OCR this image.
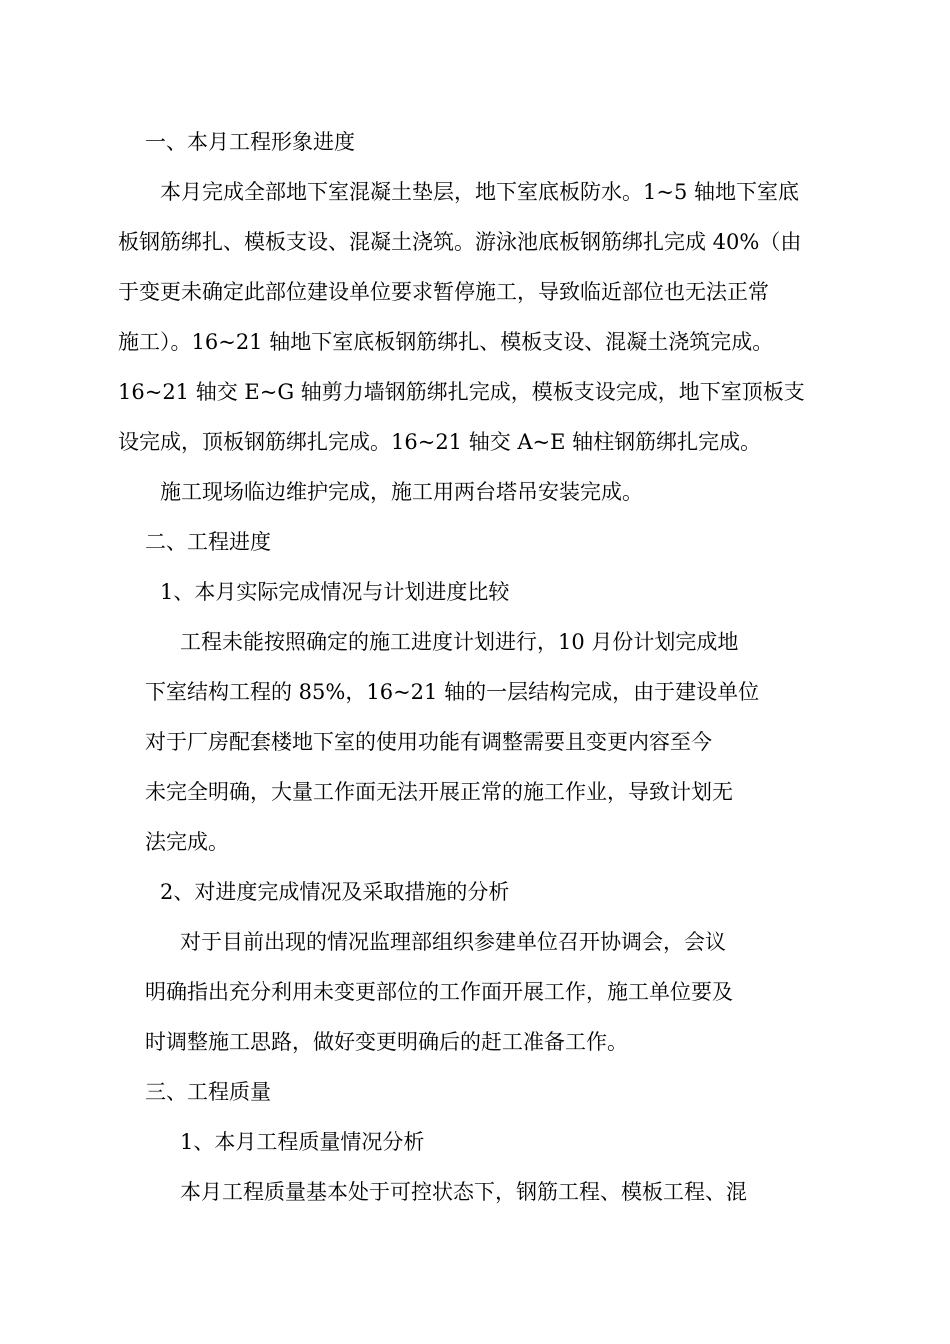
一、本月工程形象进度
本月完成全部地下室混凝土垫层，地下室底板防水。1~5 轴地下室底
板钢筋绑扎、模板支设、混凝土浇筑。游泳池底板钢筋绑扎完成 40%（由
于变更未确定此部位建设单位要求暂停施工，导致临近部位也无法正常
施工）。16~21 轴地下室底板钢筋绑扎、模板支设、混凝土浇筑完成。
16~21 轴交 E~G 轴剪力墙钢筋绑扎完成，模板支设完成，地下室顶板支
设完成，顶板钢筋绑扎完成。16~21 轴交 A~E 轴柱钢筋绑扎完成。
施工现场临边维护完成，施工用两台塔吊安装完成。
二、工程进度
1、本月实际完成情况与计划进度比较
工程未能按照确定的施工进度计划进行，10 月份计划完成地
下室结构工程的 85%，16~21 轴的一层结构完成，由于建设单位
对于厂房配套楼地下室的使用功能有调整需要且变更内容至今
未完全明确，大量工作面无法开展正常的施工作业，导致计划无
法完成。
2、对进度完成情况及采取措施的分析
对于目前出现的情况监理部组织参建单位召开协调会，会议
明确指出充分利用未变更部位的工作面开展工作，施工单位要及
时调整施工思路，做好变更明确后的赶工准备工作。
三、工程质量
1、本月工程质量情况分析
本月工程质量基本处于可控状态下，钢筋工程、模板工程、混
